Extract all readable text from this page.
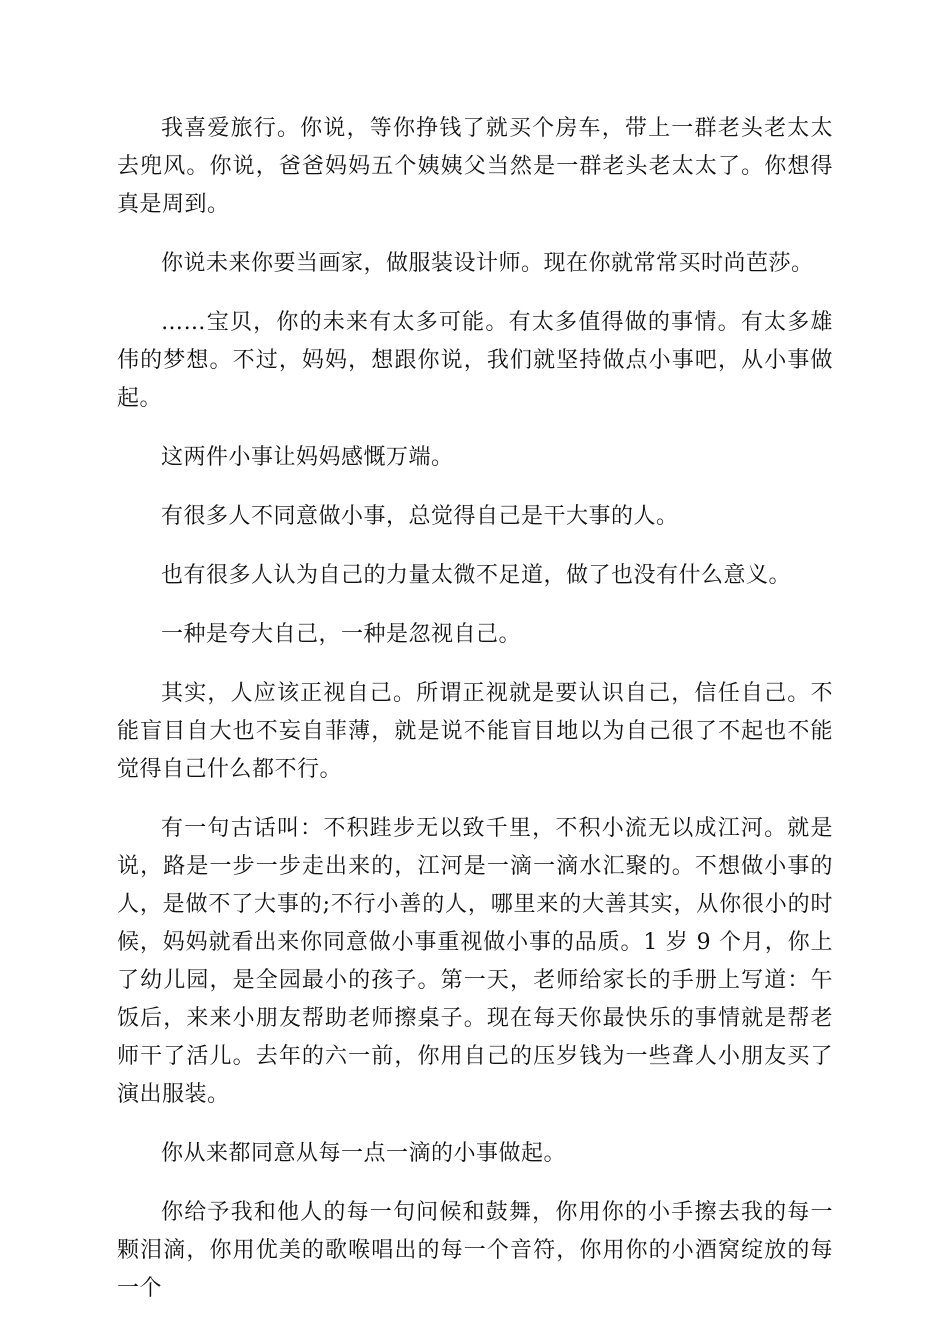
我喜爱旅行。你说，等你挣钱了就买个房车，带上一群老头老太太去兜风。你说，爸爸妈妈五个姨姨父当然是一群老头老太太了。你想得真是周到。

你说未来你要当画家，做服装设计师。现在你就常常买时尚芭莎。

……宝贝，你的未来有太多可能。有太多值得做的事情。有太多雄伟的梦想。不过，妈妈，想跟你说，我们就坚持做点小事吧，从小事做起。

这两件小事让妈妈感慨万端。

有很多人不同意做小事，总觉得自己是干大事的人。

也有很多人认为自己的力量太微不足道，做了也没有什么意义。

一种是夸大自己，一种是忽视自己。

其实，人应该正视自己。所谓正视就是要认识自己，信任自己。不能盲目自大也不妄自菲薄，就是说不能盲目地以为自己很了不起也不能觉得自己什么都不行。

有一句古话叫：不积跬步无以致千里，不积小流无以成江河。就是说，路是一步一步走出来的，江河是一滴一滴水汇聚的。不想做小事的人，是做不了大事的;不行小善的人，哪里来的大善其实，从你很小的时候，妈妈就看出来你同意做小事重视做小事的品质。1 岁 9 个月，你上了幼儿园，是全园最小的孩子。第一天，老师给家长的手册上写道：午饭后，来来小朋友帮助老师擦桌子。现在每天你最快乐的事情就是帮老师干了活儿。去年的六一前，你用自己的压岁钱为一些聋人小朋友买了演出服装。

你从来都同意从每一点一滴的小事做起。

你给予我和他人的每一句问候和鼓舞，你用你的小手擦去我的每一颗泪滴，你用优美的歌喉唱出的每一个音符，你用你的小酒窝绽放的每一个
